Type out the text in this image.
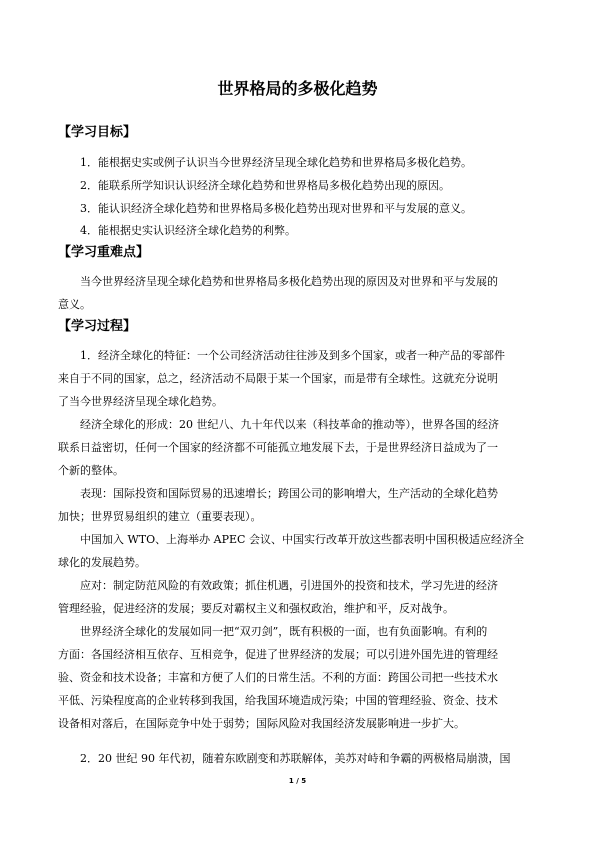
世界格局的多极化趋势
【学习目标】

1．能根据史实或例子认识当今世界经济呈现全球化趋势和世界格局多极化趋势。

2．能联系所学知识认识经济全球化趋势和世界格局多极化趋势出现的原因。

3．能认识经济全球化趋势和世界格局多极化趋势出现对世界和平与发展的意义。

4．能根据史实认识经济全球化趋势的利弊。

【学习重难点】

当今世界经济呈现全球化趋势和世界格局多极化趋势出现的原因及对世界和平与发展的

意义。

【学习过程】

1．经济全球化的特征：一个公司经济活动往往涉及到多个国家，或者一种产品的零部件

来自于不同的国家，总之，经济活动不局限于某一个国家，而是带有全球性。这就充分说明

了当今世界经济呈现全球化趋势。

经济全球化的形成：20 世纪八、九十年代以来（科技革命的推动等），世界各国的经济

联系日益密切，任何一个国家的经济都不可能孤立地发展下去，于是世界经济日益成为了一

个新的整体。

表现：国际投资和国际贸易的迅速增长；跨国公司的影响增大，生产活动的全球化趋势

加快；世界贸易组织的建立（重要表现）。

中国加入 WTO、上海举办 APEC 会议、中国实行改革开放这些都表明中国积极适应经济全

球化的发展趋势。

应对：制定防范风险的有效政策；抓住机遇，引进国外的投资和技术，学习先进的经济

管理经验，促进经济的发展；要反对霸权主义和强权政治，维护和平，反对战争。

世界经济全球化的发展如同一把“双刃剑”，既有积极的一面，也有负面影响。有利的

方面：各国经济相互依存、互相竞争，促进了世界经济的发展；可以引进外国先进的管理经

验、资金和技术设备；丰富和方便了人们的日常生活。不利的方面：跨国公司把一些技术水

平低、污染程度高的企业转移到我国，给我国环境造成污染；中国的管理经验、资金、技术

设备相对落后，在国际竞争中处于弱势；国际风险对我国经济发展影响进一步扩大。

2．20 世纪 90 年代初，随着东欧剧变和苏联解体，美苏对峙和争霸的两极格局崩溃，国

1 / 5
